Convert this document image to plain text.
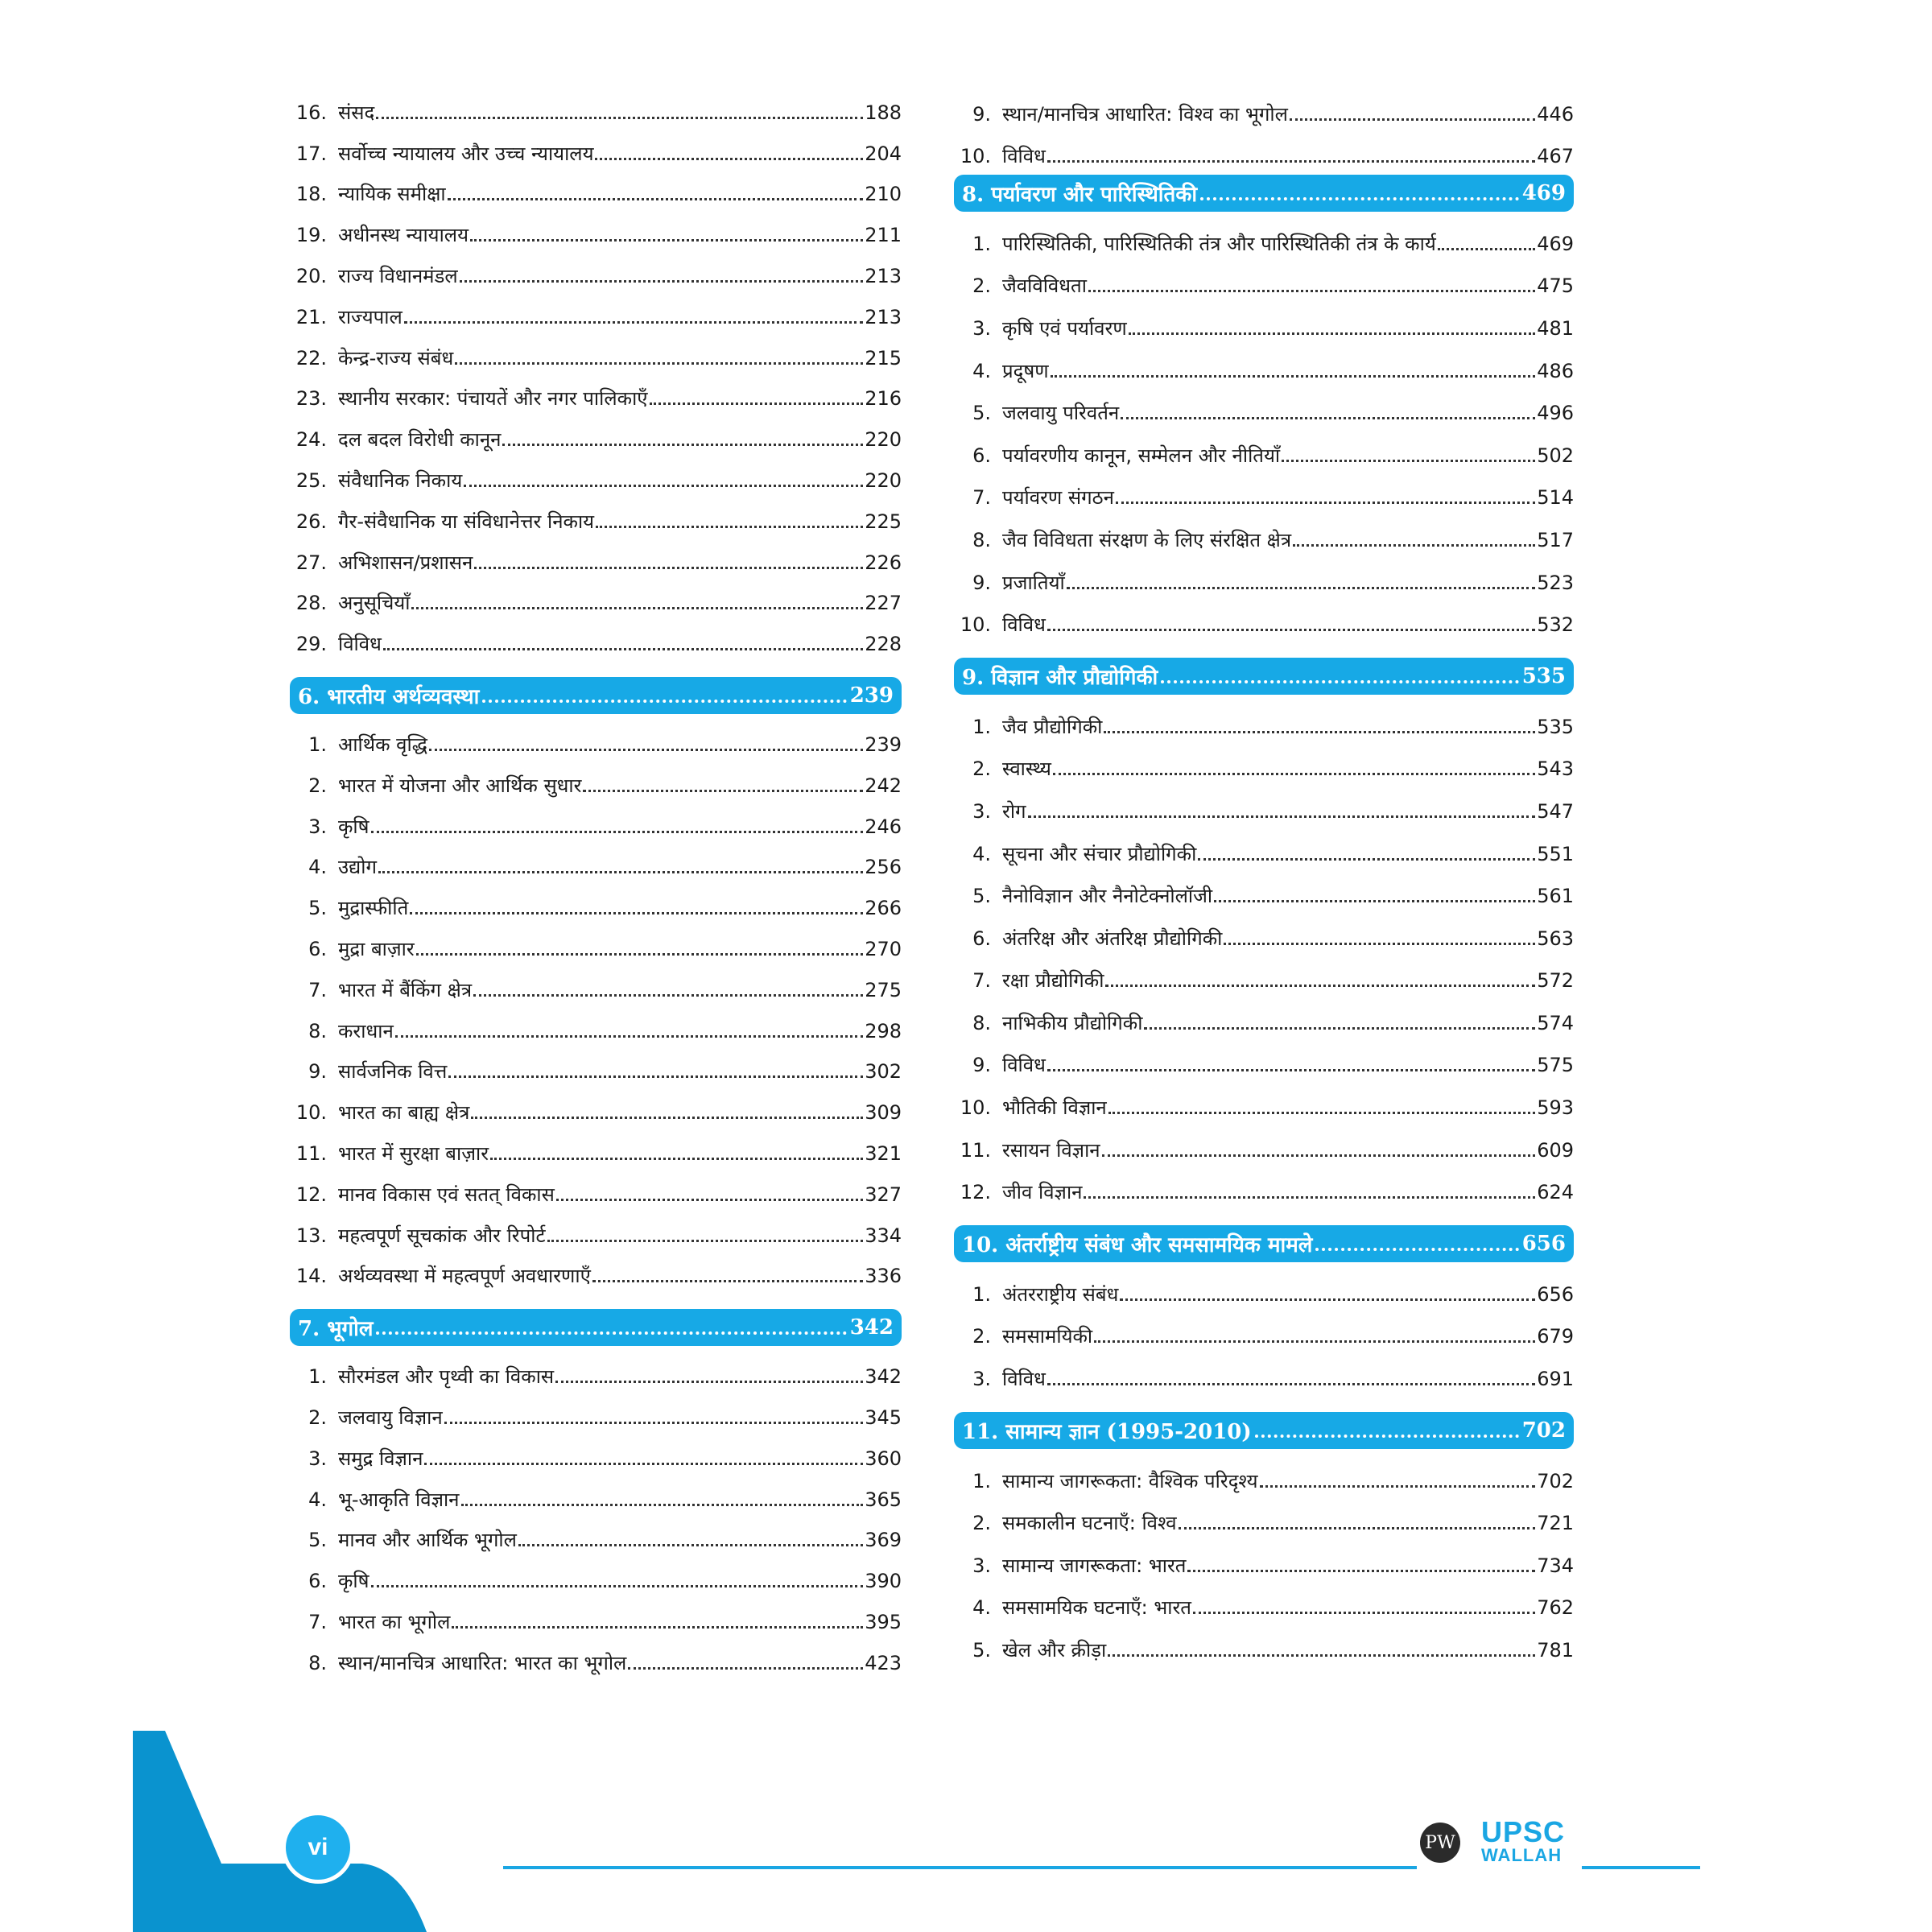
16. संसद	188
17. सर्वोच्च न्यायालय और उच्च न्यायालय	204
18. न्यायिक समीक्षा	210
19. अधीनस्थ न्यायालय	211
20. राज्य विधानमंडल	213
21. राज्यपाल	213
22. केन्द्र-राज्य संबंध	215
23. स्थानीय सरकार: पंचायतें और नगर पालिकाएँ	216
24. दल बदल विरोधी कानून	220
25. संवैधानिक निकाय	220
26. गैर-संवैधानिक या संविधानेत्तर निकाय	225
27. अभिशासन/प्रशासन	226
28. अनुसूचियाँ	227
29. विविध	228
6. भारतीय अर्थव्यवस्था	239
1. आर्थिक वृद्धि	239
2. भारत में योजना और आर्थिक सुधार	242
3. कृषि	246
4. उद्योग	256
5. मुद्रास्फीति	266
6. मुद्रा बाज़ार	270
7. भारत में बैंकिंग क्षेत्र	275
8. कराधान	298
9. सार्वजनिक वित्त	302
10. भारत का बाह्य क्षेत्र	309
11. भारत में सुरक्षा बाज़ार	321
12. मानव विकास एवं सतत् विकास	327
13. महत्वपूर्ण सूचकांक और रिपोर्ट	334
14. अर्थव्यवस्था में महत्वपूर्ण अवधारणाएँ	336
7. भूगोल	342
1. सौरमंडल और पृथ्वी का विकास	342
2. जलवायु विज्ञान	345
3. समुद्र विज्ञान	360
4. भू-आकृति विज्ञान	365
5. मानव और आर्थिक भूगोल	369
6. कृषि	390
7. भारत का भूगोल	395
8. स्थान/मानचित्र आधारित: भारत का भूगोल	423
9. स्थान/मानचित्र आधारित: विश्व का भूगोल	446
10. विविध	467
8. पर्यावरण और पारिस्थितिकी	469
1. पारिस्थितिकी, पारिस्थितिकी तंत्र और पारिस्थितिकी तंत्र के कार्य	469
2. जैवविविधता	475
3. कृषि एवं पर्यावरण	481
4. प्रदूषण	486
5. जलवायु परिवर्तन	496
6. पर्यावरणीय कानून, सम्मेलन और नीतियाँ	502
7. पर्यावरण संगठन	514
8. जैव विविधता संरक्षण के लिए संरक्षित क्षेत्र	517
9. प्रजातियाँ	523
10. विविध	532
9. विज्ञान और प्रौद्योगिकी	535
1. जैव प्रौद्योगिकी	535
2. स्वास्थ्य	543
3. रोग	547
4. सूचना और संचार प्रौद्योगिकी	551
5. नैनोविज्ञान और नैनोटेक्नोलॉजी	561
6. अंतरिक्ष और अंतरिक्ष प्रौद्योगिकी	563
7. रक्षा प्रौद्योगिकी	572
8. नाभिकीय प्रौद्योगिकी	574
9. विविध	575
10. भौतिकी विज्ञान	593
11. रसायन विज्ञान	609
12. जीव विज्ञान	624
10. अंतर्राष्ट्रीय संबंध और समसामयिक मामले	656
1. अंतरराष्ट्रीय संबंध	656
2. समसामयिकी	679
3. विविध	691
11. सामान्य ज्ञान (1995-2010)	702
1. सामान्य जागरूकता: वैश्विक परिदृश्य	702
2. समकालीन घटनाएँ: विश्व	721
3. सामान्य जागरूकता: भारत	734
4. समसामयिक घटनाएँ: भारत	762
5. खेल और क्रीड़ा	781
vi	PW UPSC
WALLAH
